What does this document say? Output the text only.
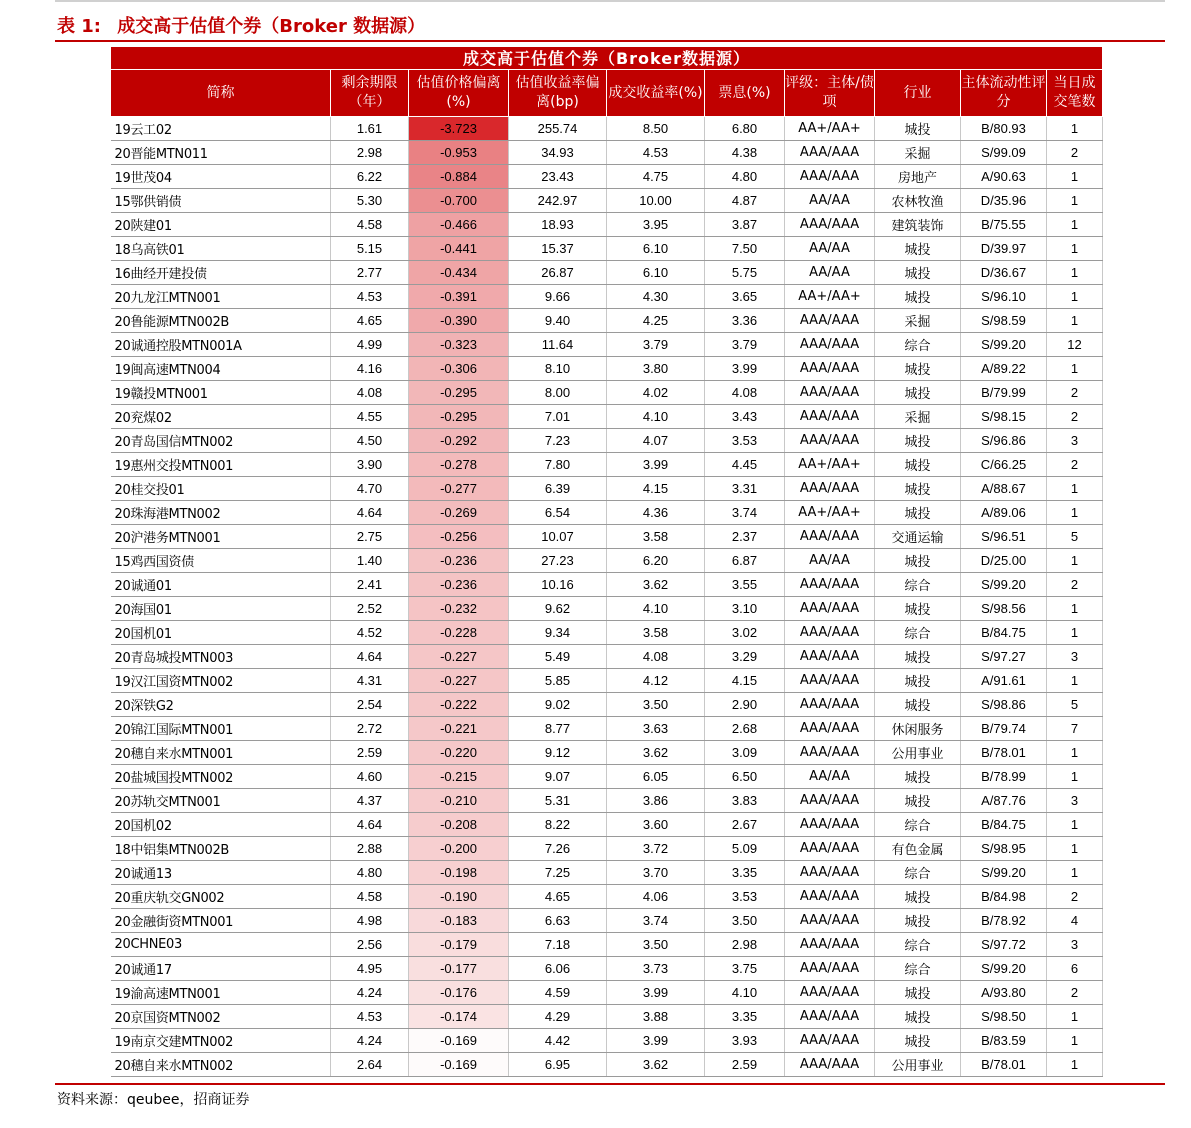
表 1: 成交高于估值个券（Broker 数据源）
成交高于估值个券（Broker数据源）									
简称	剩余期限（年）	估值价格偏离(%)	估值收益率偏离(bp)	成交收益率(%)	票息(%)	评级：主体/债项	行业	主体流动性评分	当日成交笔数
19云工02	1.61	-3.723	255.74	8.50	6.80	AA+/AA+	城投	B/80.93	1
20晋能MTN011	2.98	-0.953	34.93	4.53	4.38	AAA/AAA	采掘	S/99.09	2
19世茂04	6.22	-0.884	23.43	4.75	4.80	AAA/AAA	房地产	A/90.63	1
15鄂供销债	5.30	-0.700	242.97	10.00	4.87	AA/AA	农林牧渔	D/35.96	1
20陕建01	4.58	-0.466	18.93	3.95	3.87	AAA/AAA	建筑装饰	B/75.55	1
18乌高铁01	5.15	-0.441	15.37	6.10	7.50	AA/AA	城投	D/39.97	1
16曲经开建投债	2.77	-0.434	26.87	6.10	5.75	AA/AA	城投	D/36.67	1
20九龙江MTN001	4.53	-0.391	9.66	4.30	3.65	AA+/AA+	城投	S/96.10	1
20鲁能源MTN002B	4.65	-0.390	9.40	4.25	3.36	AAA/AAA	采掘	S/98.59	1
20诚通控股MTN001A	4.99	-0.323	11.64	3.79	3.79	AAA/AAA	综合	S/99.20	12
19闽高速MTN004	4.16	-0.306	8.10	3.80	3.99	AAA/AAA	城投	A/89.22	1
19赣投MTN001	4.08	-0.295	8.00	4.02	4.08	AAA/AAA	城投	B/79.99	2
20兖煤02	4.55	-0.295	7.01	4.10	3.43	AAA/AAA	采掘	S/98.15	2
20青岛国信MTN002	4.50	-0.292	7.23	4.07	3.53	AAA/AAA	城投	S/96.86	3
19惠州交投MTN001	3.90	-0.278	7.80	3.99	4.45	AA+/AA+	城投	C/66.25	2
20桂交投01	4.70	-0.277	6.39	4.15	3.31	AAA/AAA	城投	A/88.67	1
20珠海港MTN002	4.64	-0.269	6.54	4.36	3.74	AA+/AA+	城投	A/89.06	1
20沪港务MTN001	2.75	-0.256	10.07	3.58	2.37	AAA/AAA	交通运输	S/96.51	5
15鸡西国资债	1.40	-0.236	27.23	6.20	6.87	AA/AA	城投	D/25.00	1
20诚通01	2.41	-0.236	10.16	3.62	3.55	AAA/AAA	综合	S/99.20	2
20海国01	2.52	-0.232	9.62	4.10	3.10	AAA/AAA	城投	S/98.56	1
20国机01	4.52	-0.228	9.34	3.58	3.02	AAA/AAA	综合	B/84.75	1
20青岛城投MTN003	4.64	-0.227	5.49	4.08	3.29	AAA/AAA	城投	S/97.27	3
19汉江国资MTN002	4.31	-0.227	5.85	4.12	4.15	AAA/AAA	城投	A/91.61	1
20深铁G2	2.54	-0.222	9.02	3.50	2.90	AAA/AAA	城投	S/98.86	5
20锦江国际MTN001	2.72	-0.221	8.77	3.63	2.68	AAA/AAA	休闲服务	B/79.74	7
20穗自来水MTN001	2.59	-0.220	9.12	3.62	3.09	AAA/AAA	公用事业	B/78.01	1
20盐城国投MTN002	4.60	-0.215	9.07	6.05	6.50	AA/AA	城投	B/78.99	1
20苏轨交MTN001	4.37	-0.210	5.31	3.86	3.83	AAA/AAA	城投	A/87.76	3
20国机02	4.64	-0.208	8.22	3.60	2.67	AAA/AAA	综合	B/84.75	1
18中铝集MTN002B	2.88	-0.200	7.26	3.72	5.09	AAA/AAA	有色金属	S/98.95	1
20诚通13	4.80	-0.198	7.25	3.70	3.35	AAA/AAA	综合	S/99.20	1
20重庆轨交GN002	4.58	-0.190	4.65	4.06	3.53	AAA/AAA	城投	B/84.98	2
20金融街资MTN001	4.98	-0.183	6.63	3.74	3.50	AAA/AAA	城投	B/78.92	4
20CHNE03	2.56	-0.179	7.18	3.50	2.98	AAA/AAA	综合	S/97.72	3
20诚通17	4.95	-0.177	6.06	3.73	3.75	AAA/AAA	综合	S/99.20	6
19渝高速MTN001	4.24	-0.176	4.59	3.99	4.10	AAA/AAA	城投	A/93.80	2
20京国资MTN002	4.53	-0.174	4.29	3.88	3.35	AAA/AAA	城投	S/98.50	1
19南京交建MTN002	4.24	-0.169	4.42	3.99	3.93	AAA/AAA	城投	B/83.59	1
20穗自来水MTN002	2.64	-0.169	6.95	3.62	2.59	AAA/AAA	公用事业	B/78.01	1
资料来源：qeubee，招商证券
